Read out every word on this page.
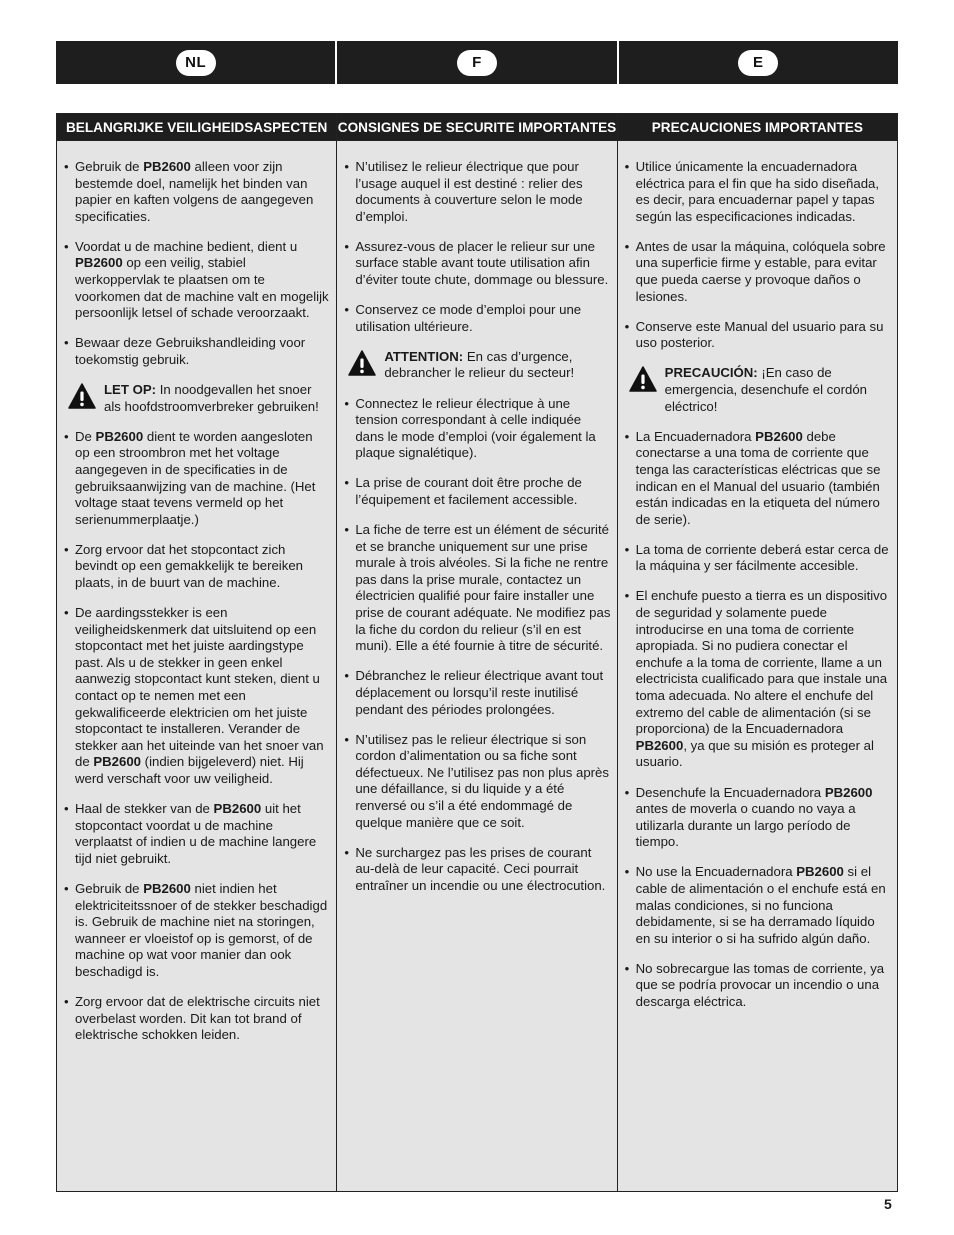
NL	F	E
BELANGRIJKE VEILIGHEIDSASPECTEN
• Gebruik de PB2600 alleen voor zijn bestemde doel, namelijk het binden van papier en kaften volgens de aangegeven specificaties.
• Voordat u de machine bedient, dient u PB2600 op een veilig, stabiel werkoppervlak te plaatsen om te voorkomen dat de machine valt en mogelijk persoonlijk letsel of schade veroorzaakt.
• Bewaar deze Gebruikshandleiding voor toekomstig gebruik.
LET OP: In noodgevallen het snoer als hoofdstroomverbreker gebruiken!
• De PB2600 dient te worden aangesloten op een stroombron met het voltage aangegeven in de specificaties in de gebruiksaanwijzing van de machine. (Het voltage staat tevens vermeld op het serienummerplaatje.)
• Zorg ervoor dat het stopcontact zich bevindt op een gemakkelijk te bereiken plaats, in de buurt van de machine.
• De aardingsstekker is een veiligheidskenmerk dat uitsluitend op een stopcontact met het juiste aardingstype past. Als u de stekker in geen enkel aanwezig stopcontact kunt steken, dient u contact op te nemen met een gekwalificeerde elektricien om het juiste stopcontact te installeren. Verander de stekker aan het uiteinde van het snoer van de PB2600 (indien bijgeleverd) niet. Hij werd verschaft voor uw veiligheid.
• Haal de stekker van de PB2600 uit het stopcontact voordat u de machine verplaatst of indien u de machine langere tijd niet gebruikt.
• Gebruik de PB2600 niet indien het elektriciteitssnoer of de stekker beschadigd is. Gebruik de machine niet na storingen, wanneer er vloeistof op is gemorst, of de machine op wat voor manier dan ook beschadigd is.
• Zorg ervoor dat de elektrische circuits niet overbelast worden. Dit kan tot brand of elektrische schokken leiden.
CONSIGNES DE SECURITE IMPORTANTES
• N’utilisez le relieur électrique que pour l’usage auquel il est destiné : relier des documents à couverture selon le mode d’emploi.
• Assurez-vous de placer le relieur sur une surface stable avant toute utilisation afin d’éviter toute chute, dommage ou blessure.
• Conservez ce mode d’emploi pour une utilisation ultérieure.
ATTENTION: En cas d’urgence, debrancher le relieur du secteur!
• Connectez le relieur électrique à une tension correspondant à celle indiquée dans le mode d’emploi (voir également la plaque signalétique).
• La prise de courant doit être proche de l’équipement et facilement accessible.
• La fiche de terre est un élément de sécurité et se branche uniquement sur une prise murale à trois alvéoles. Si la fiche ne rentre pas dans la prise murale, contactez un électricien qualifié pour faire installer une prise de courant adéquate. Ne modifiez pas la fiche du cordon du relieur (s’il en est muni). Elle a été fournie à titre de sécurité.
• Débranchez le relieur électrique avant tout déplacement ou lorsqu’il reste inutilisé pendant des périodes prolongées.
• N’utilisez pas le relieur électrique si son cordon d’alimentation ou sa fiche sont défectueux. Ne l’utilisez pas non plus après une défaillance, si du liquide y a été renversé ou s’il a été endommagé de quelque manière que ce soit.
• Ne surchargez pas les prises de courant au-delà de leur capacité. Ceci pourrait entraîner un incendie ou une électrocution.
PRECAUCIONES IMPORTANTES
• Utilice únicamente la encuadernadora eléctrica para el fin que ha sido diseñada, es decir, para encuadernar papel y tapas según las especificaciones indicadas.
• Antes de usar la máquina, colóquela sobre una superficie firme y estable, para evitar que pueda caerse y provoque daños o lesiones.
• Conserve este Manual del usuario para su uso posterior.
PRECAUCIÓN: ¡En caso de emergencia, desenchufe el cordón eléctrico!
• La Encuadernadora PB2600 debe conectarse a una toma de corriente que tenga las características eléctricas que se indican en el Manual del usuario (también están indicadas en la etiqueta del número de serie).
• La toma de corriente deberá estar cerca de la máquina y ser fácilmente accesible.
• El enchufe puesto a tierra es un dispositivo de seguridad y solamente puede introducirse en una toma de corriente apropiada. Si no pudiera conectar el enchufe a la toma de corriente, llame a un electricista cualificado para que instale una toma adecuada. No altere el enchufe del extremo del cable de alimentación (si se proporciona) de la Encuadernadora PB2600, ya que su misión es proteger al usuario.
• Desenchufe la Encuadernadora PB2600 antes de moverla o cuando no vaya a utilizarla durante un largo período de tiempo.
• No use la Encuadernadora PB2600 si el cable de alimentación o el enchufe está en malas condiciones, si no funciona debidamente, si se ha derramado líquido en su interior o si ha sufrido algún daño.
• No sobrecargue las tomas de corriente, ya que se podría provocar un incendio o una descarga eléctrica.
5
